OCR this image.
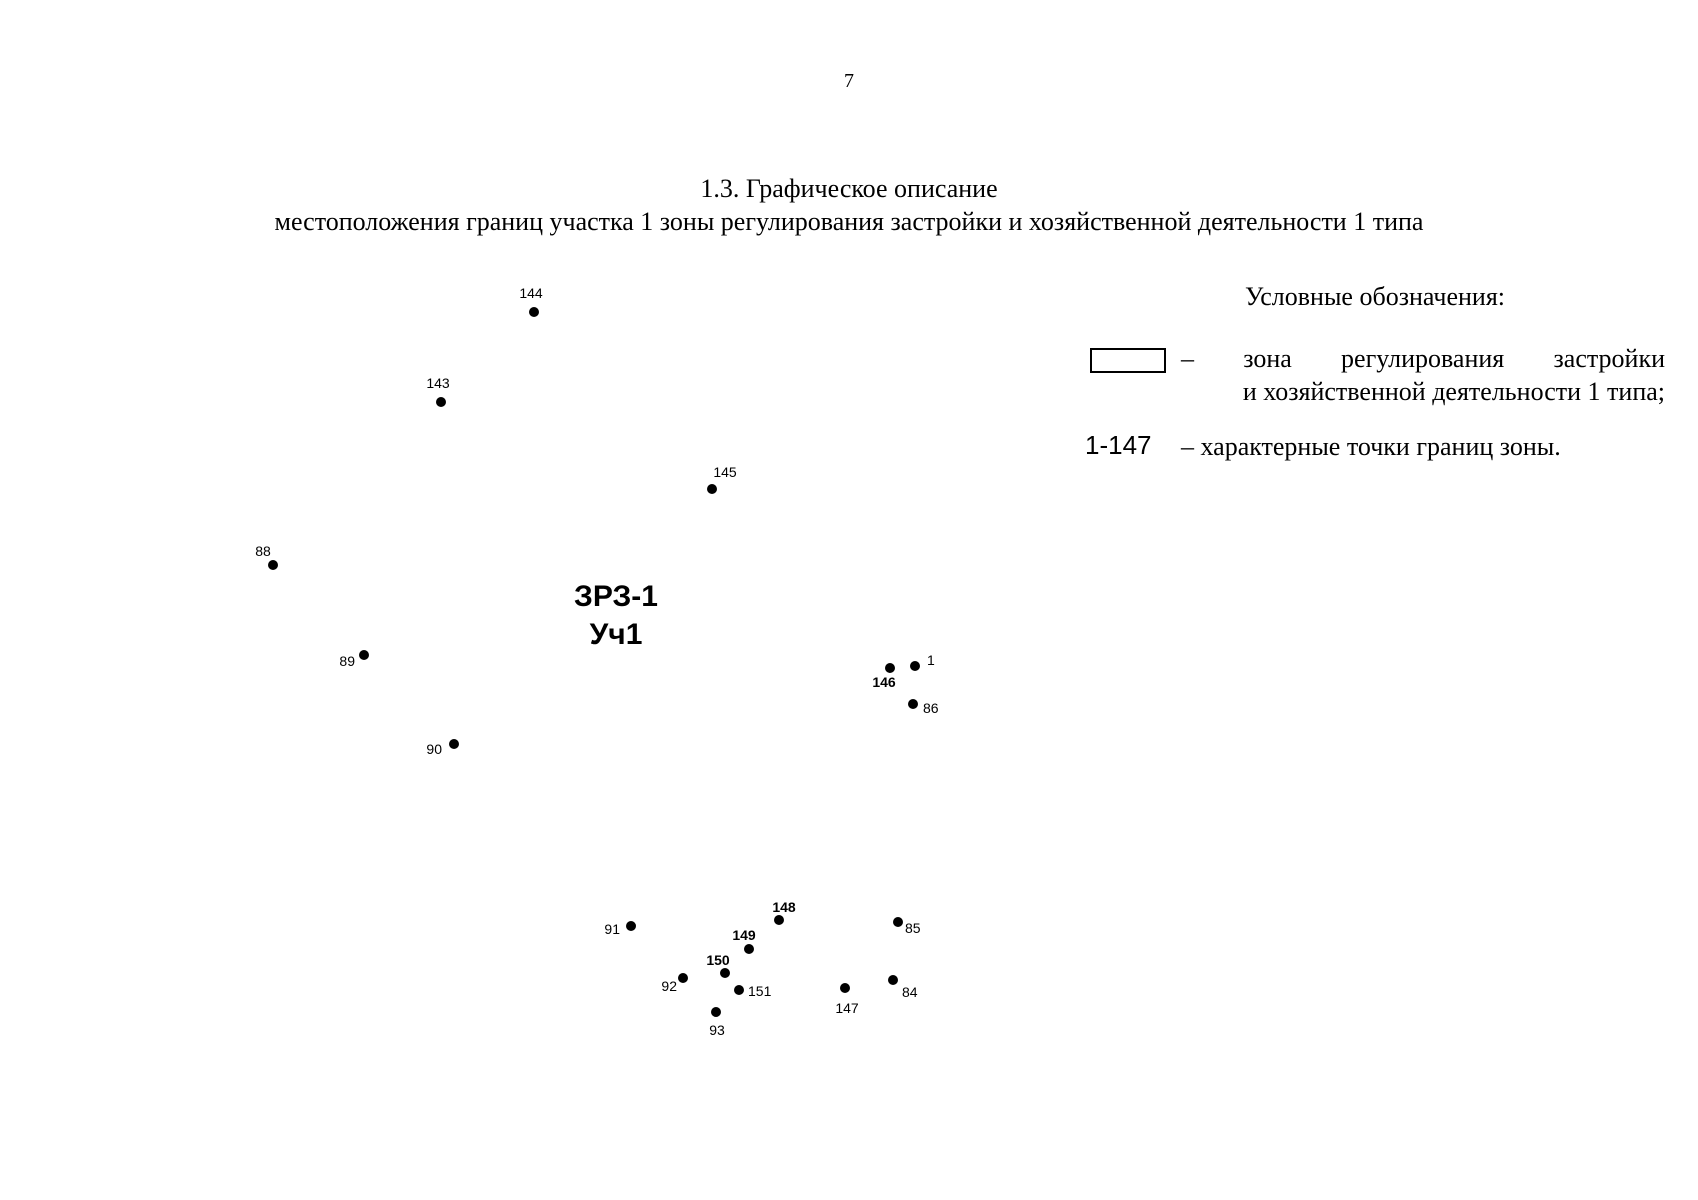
7
1.3. Графическое описание
местоположения границ участка 1 зоны регулирования застройки и хозяйственной деятельности 1 типа
ЗРЗ-1
Уч1
144
143
145
88
89
90
146
1
86
91
148
149
150
151
92
93
147
85
84
Условные обозначения:
– зона регулирования застройки
и хозяйственной деятельности 1 типа;
1-147 – характерные точки границ зоны.
